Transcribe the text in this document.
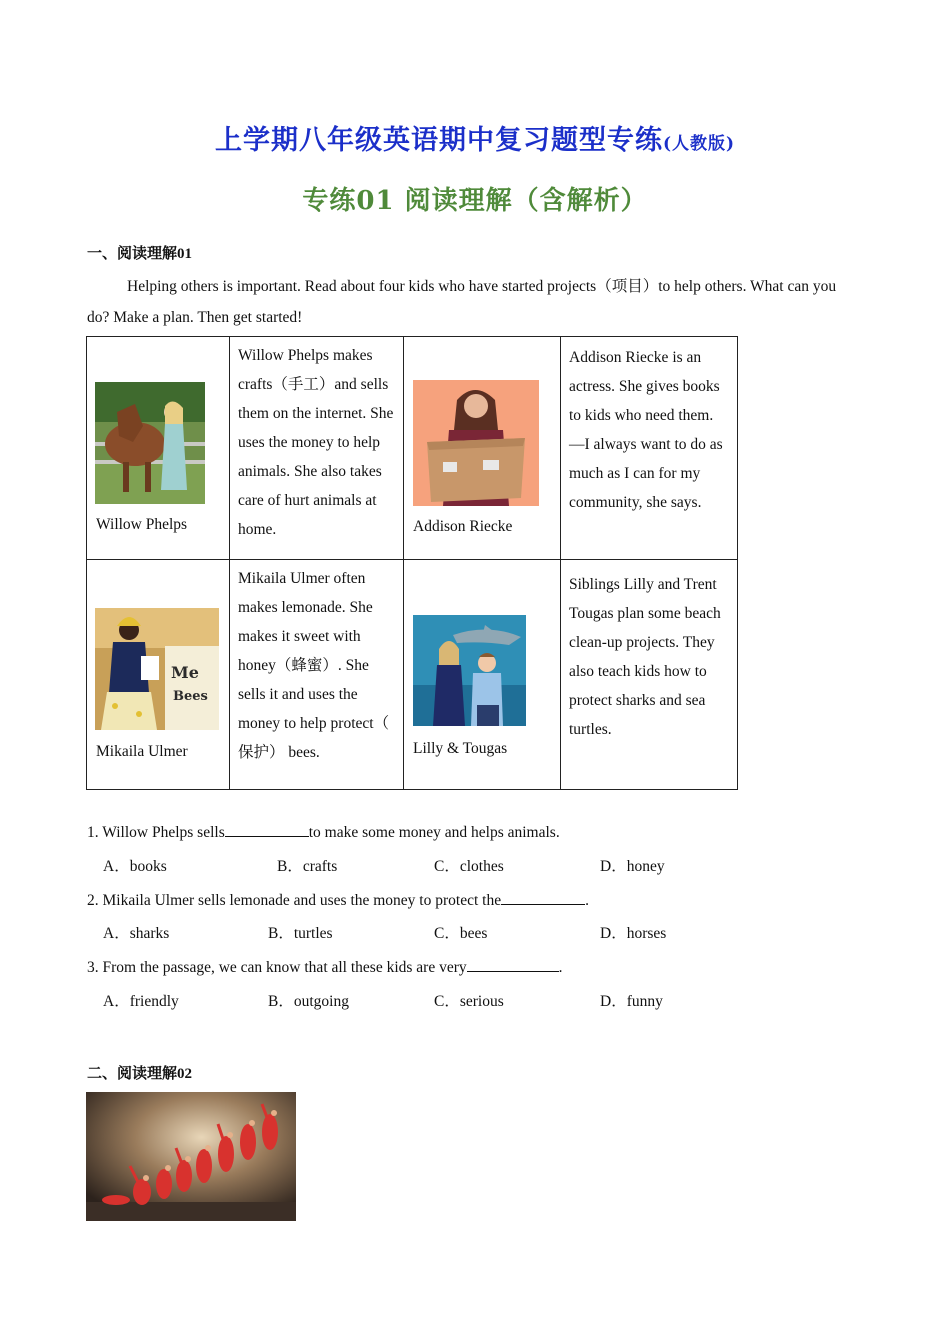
上学期八年级英语期中复习题型专练(人教版)
专练01 阅读理解（含解析）
一、阅读理解01
Helping others is important. Read about four kids who have started projects（项目）to help others. What can you do? Make a plan. Then get started!
Willow Phelps	Willow Phelps makes crafts（手工）and sells them on the internet. She uses the money to help animals. She also takes care of hurt animals at home.	Addison Riecke	Addison Riecke is an actress. She gives books to kids who need them. ―I always want to do as much as I can for my community, she says.

Me
Bees
Mikaila Ulmer	Mikaila Ulmer often makes lemonade. She makes it sweet with honey（蜂蜜）. She sells it and uses the money to help protect（ 保护） bees.	Lilly & Tougas	Siblings Lilly and Trent Tougas plan some beach clean-up projects. They also teach kids how to protect sharks and sea turtles.
1. Willow Phelps sells	to make some money and helps animals.
A．books	B．crafts	C．clothes	D．honey
2. Mikaila Ulmer sells lemonade and uses the money to protect the	.
A．sharks	B．turtles	C．bees	D．horses
3. From the passage, we can know that all these kids are very	.
A．friendly	B．outgoing	C．serious	D．funny
二、阅读理解02
